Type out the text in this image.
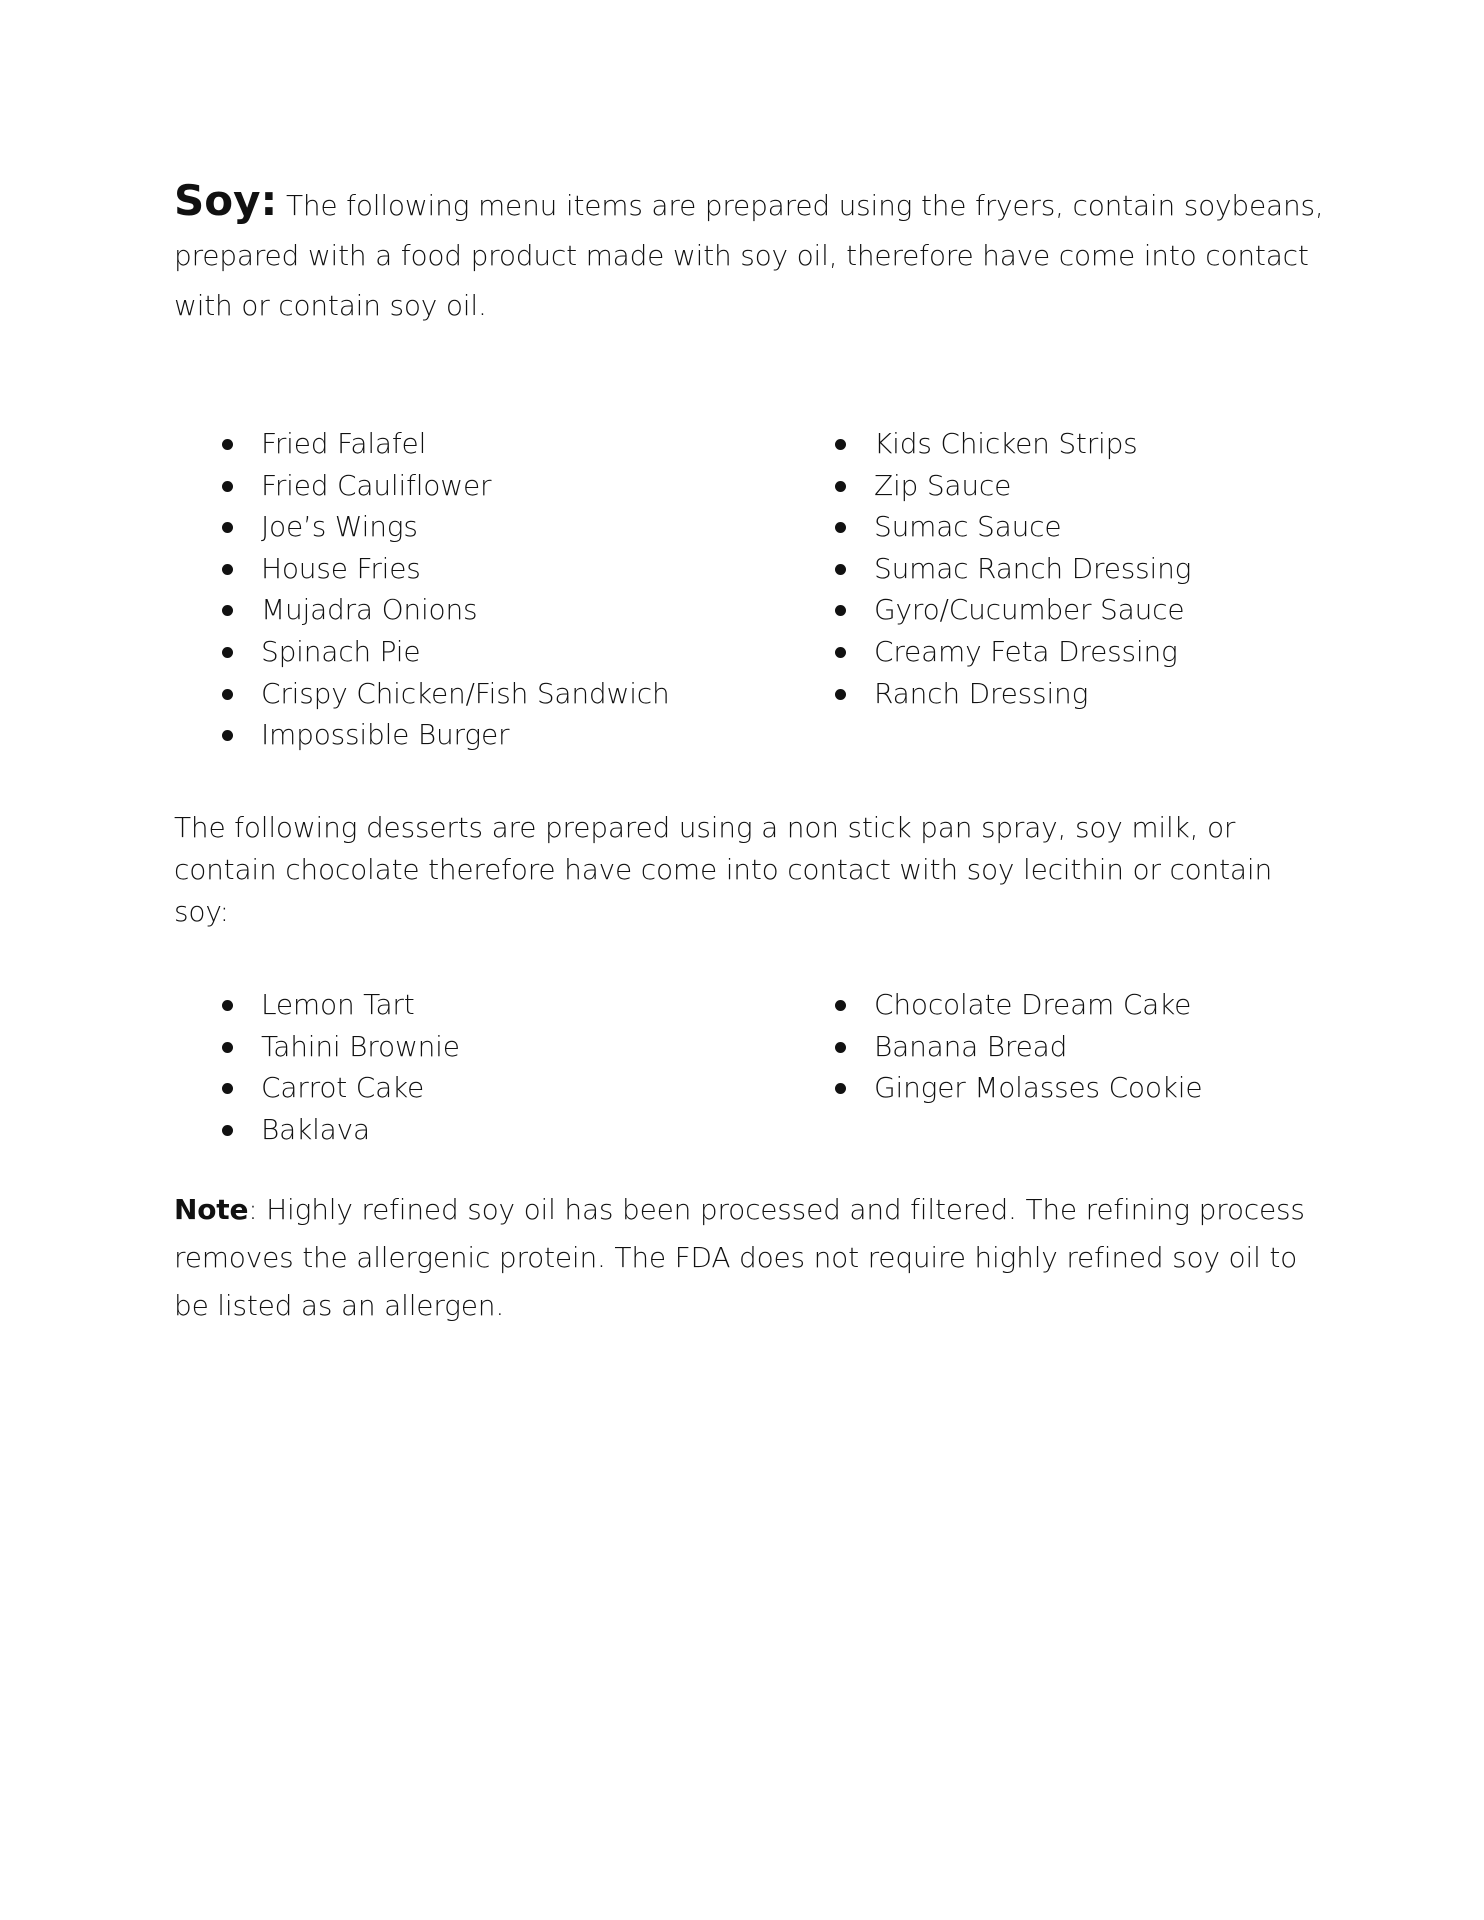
Soy: The following menu items are prepared using the fryers, contain soybeans, prepared with a food product made with soy oil, therefore have come into contact with or contain soy oil.

Fried Falafel
Fried Cauliflower
Joe’s Wings
House Fries
Mujadra Onions
Spinach Pie
Crispy Chicken/Fish Sandwich
Impossible Burger
Kids Chicken Strips
Zip Sauce
Sumac Sauce
Sumac Ranch Dressing
Gyro/Cucumber Sauce
Creamy Feta Dressing
Ranch Dressing

The following desserts are prepared using a non stick pan spray, soy milk, or contain chocolate therefore have come into contact with soy lecithin or contain soy:

Lemon Tart
Tahini Brownie
Carrot Cake
Baklava
Chocolate Dream Cake
Banana Bread
Ginger Molasses Cookie

Note: Highly refined soy oil has been processed and filtered. The refining process removes the allergenic protein. The FDA does not require highly refined soy oil to be listed as an allergen.
